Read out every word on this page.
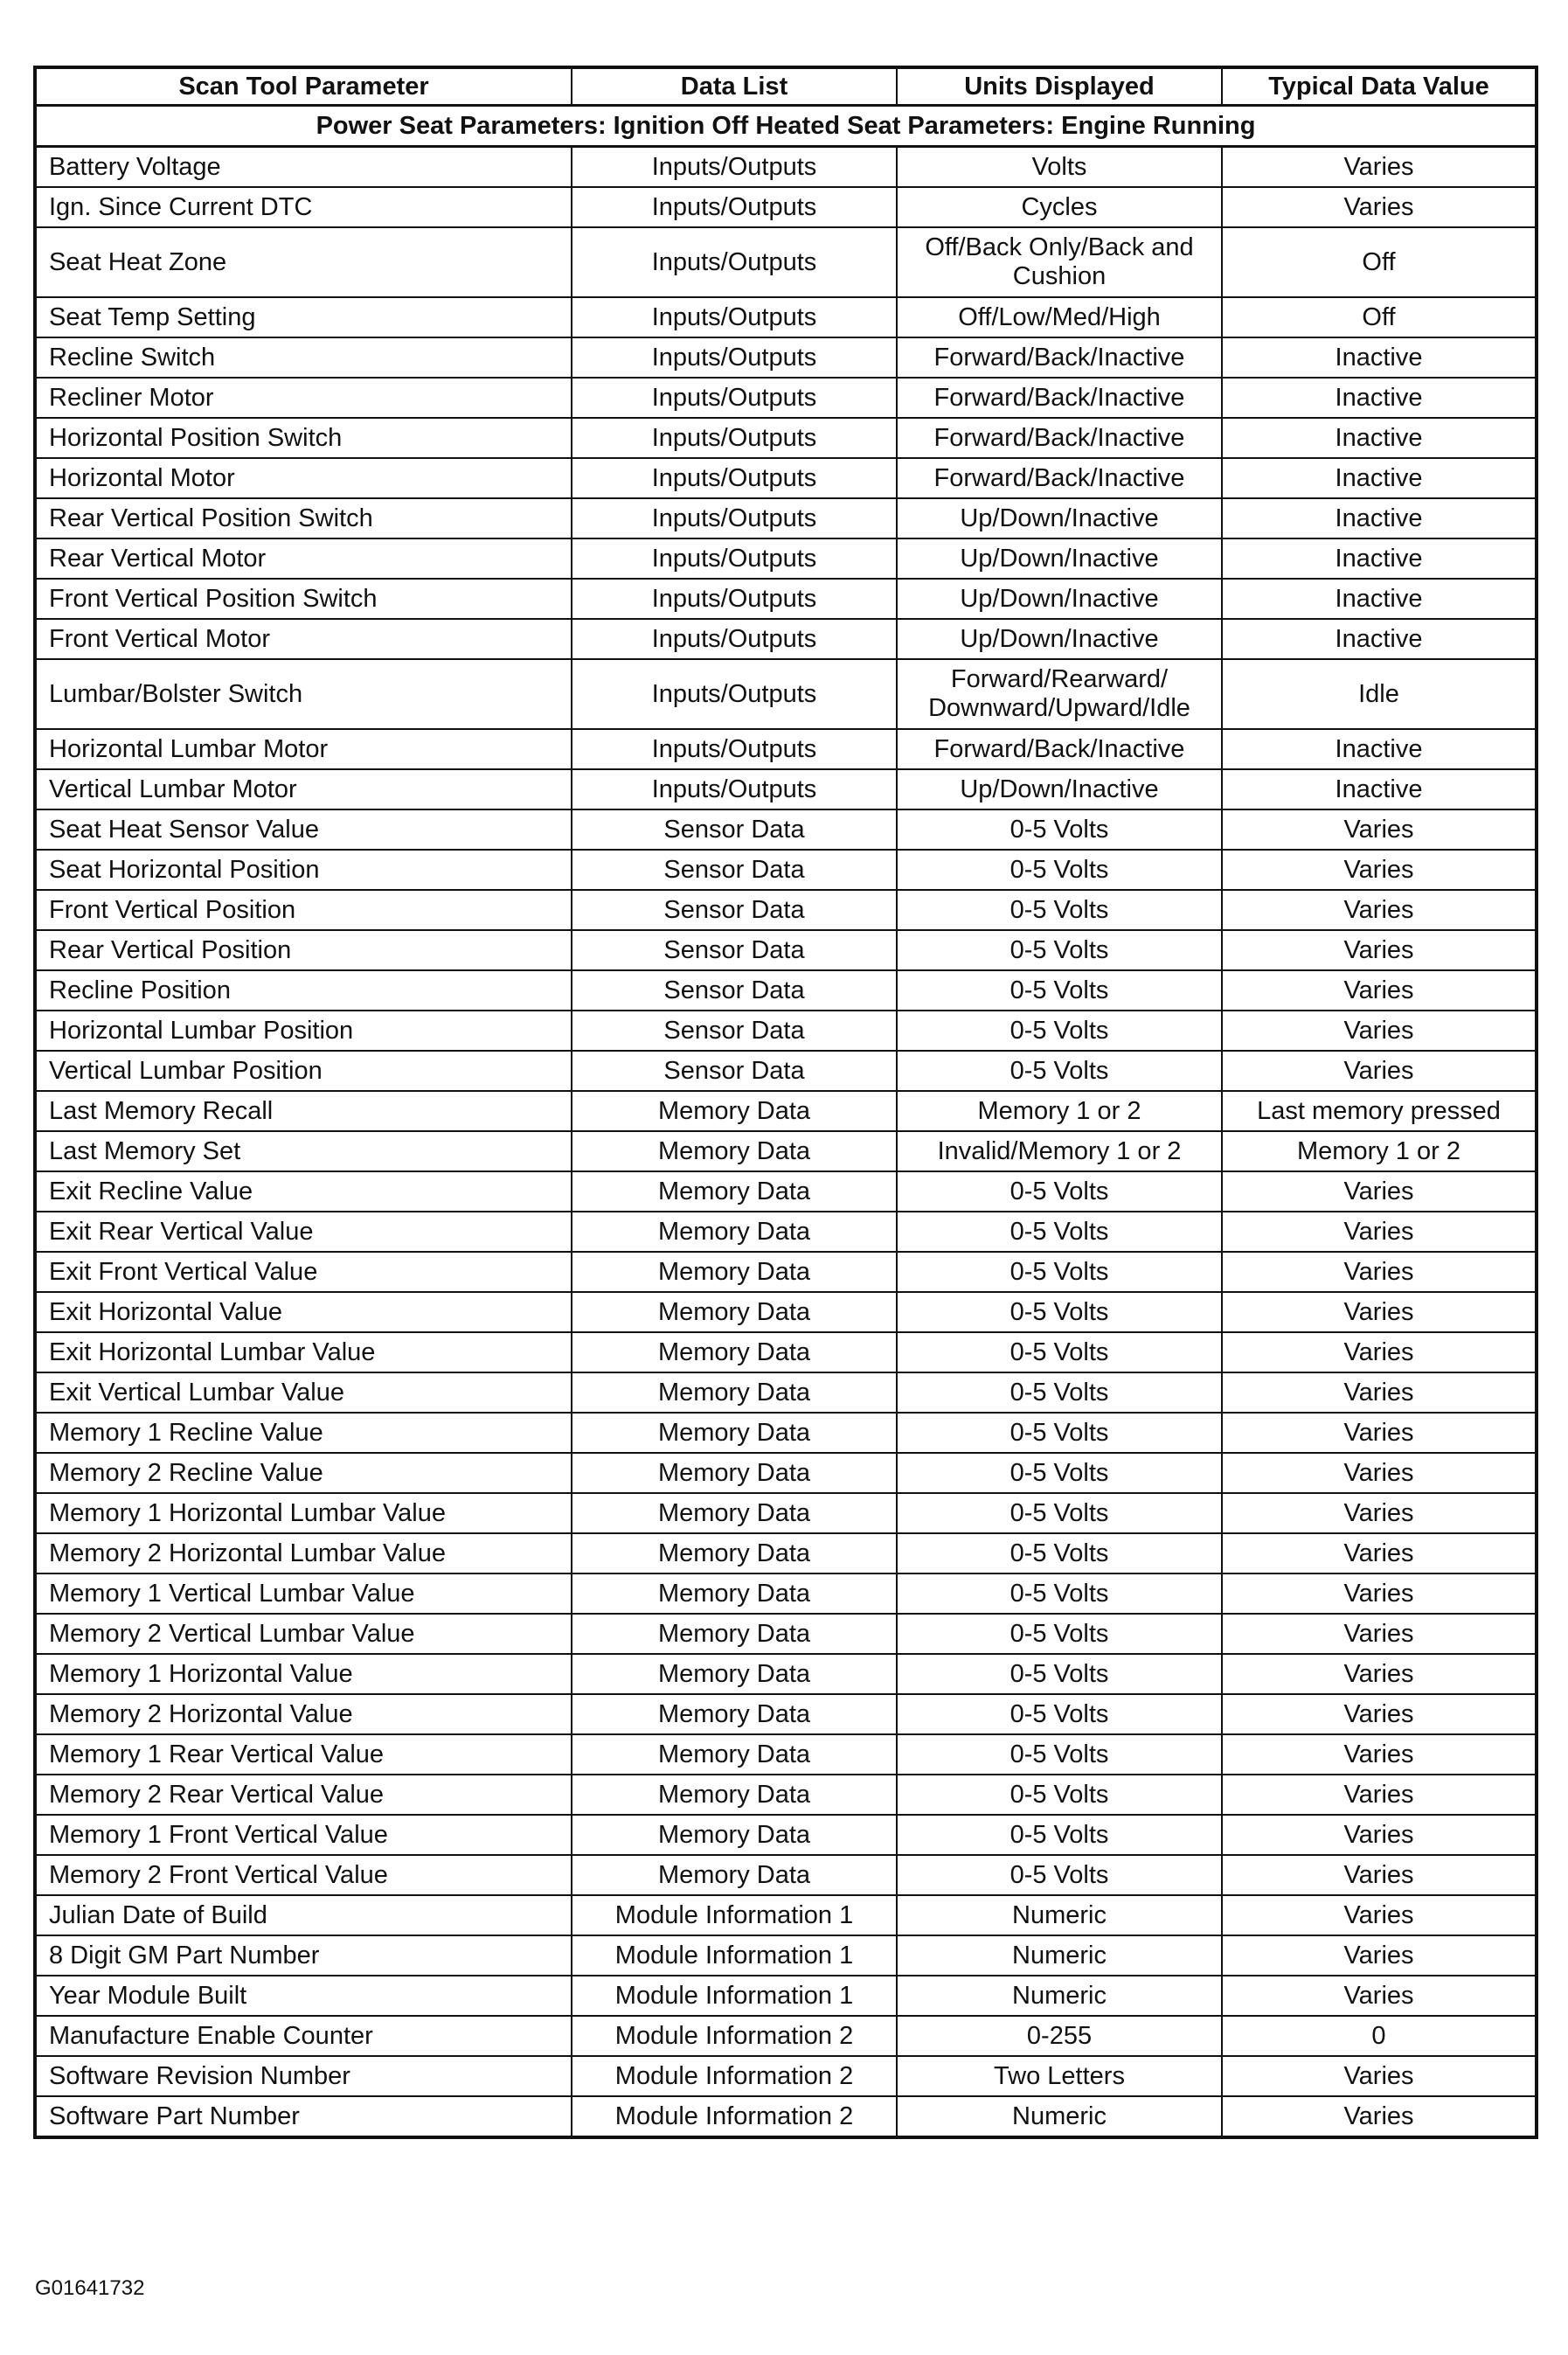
Scan Tool Parameter	Data List	Units Displayed	Typical Data Value
Power Seat Parameters: Ignition Off Heated Seat Parameters: Engine Running			
Battery Voltage	Inputs/Outputs	Volts	Varies
Ign. Since Current DTC	Inputs/Outputs	Cycles	Varies
Seat Heat Zone	Inputs/Outputs	Off/Back Only/Back and Cushion	Off
Seat Temp Setting	Inputs/Outputs	Off/Low/Med/High	Off
Recline Switch	Inputs/Outputs	Forward/Back/Inactive	Inactive
Recliner Motor	Inputs/Outputs	Forward/Back/Inactive	Inactive
Horizontal Position Switch	Inputs/Outputs	Forward/Back/Inactive	Inactive
Horizontal Motor	Inputs/Outputs	Forward/Back/Inactive	Inactive
Rear Vertical Position Switch	Inputs/Outputs	Up/Down/Inactive	Inactive
Rear Vertical Motor	Inputs/Outputs	Up/Down/Inactive	Inactive
Front Vertical Position Switch	Inputs/Outputs	Up/Down/Inactive	Inactive
Front Vertical Motor	Inputs/Outputs	Up/Down/Inactive	Inactive
Lumbar/Bolster Switch	Inputs/Outputs	Forward/Rearward/ Downward/Upward/Idle	Idle
Horizontal Lumbar Motor	Inputs/Outputs	Forward/Back/Inactive	Inactive
Vertical Lumbar Motor	Inputs/Outputs	Up/Down/Inactive	Inactive
Seat Heat Sensor Value	Sensor Data	0-5 Volts	Varies
Seat Horizontal Position	Sensor Data	0-5 Volts	Varies
Front Vertical Position	Sensor Data	0-5 Volts	Varies
Rear Vertical Position	Sensor Data	0-5 Volts	Varies
Recline Position	Sensor Data	0-5 Volts	Varies
Horizontal Lumbar Position	Sensor Data	0-5 Volts	Varies
Vertical Lumbar Position	Sensor Data	0-5 Volts	Varies
Last Memory Recall	Memory Data	Memory 1 or 2	Last memory pressed
Last Memory Set	Memory Data	Invalid/Memory 1 or 2	Memory 1 or 2
Exit Recline Value	Memory Data	0-5 Volts	Varies
Exit Rear Vertical Value	Memory Data	0-5 Volts	Varies
Exit Front Vertical Value	Memory Data	0-5 Volts	Varies
Exit Horizontal Value	Memory Data	0-5 Volts	Varies
Exit Horizontal Lumbar Value	Memory Data	0-5 Volts	Varies
Exit Vertical Lumbar Value	Memory Data	0-5 Volts	Varies
Memory 1 Recline Value	Memory Data	0-5 Volts	Varies
Memory 2 Recline Value	Memory Data	0-5 Volts	Varies
Memory 1 Horizontal Lumbar Value	Memory Data	0-5 Volts	Varies
Memory 2 Horizontal Lumbar Value	Memory Data	0-5 Volts	Varies
Memory 1 Vertical Lumbar Value	Memory Data	0-5 Volts	Varies
Memory 2 Vertical Lumbar Value	Memory Data	0-5 Volts	Varies
Memory 1 Horizontal Value	Memory Data	0-5 Volts	Varies
Memory 2 Horizontal Value	Memory Data	0-5 Volts	Varies
Memory 1 Rear Vertical Value	Memory Data	0-5 Volts	Varies
Memory 2 Rear Vertical Value	Memory Data	0-5 Volts	Varies
Memory 1 Front Vertical Value	Memory Data	0-5 Volts	Varies
Memory 2 Front Vertical Value	Memory Data	0-5 Volts	Varies
Julian Date of Build	Module Information 1	Numeric	Varies
8 Digit GM Part Number	Module Information 1	Numeric	Varies
Year Module Built	Module Information 1	Numeric	Varies
Manufacture Enable Counter	Module Information 2	0-255	0
Software Revision Number	Module Information 2	Two Letters	Varies
Software Part Number	Module Information 2	Numeric	Varies
G01641732
